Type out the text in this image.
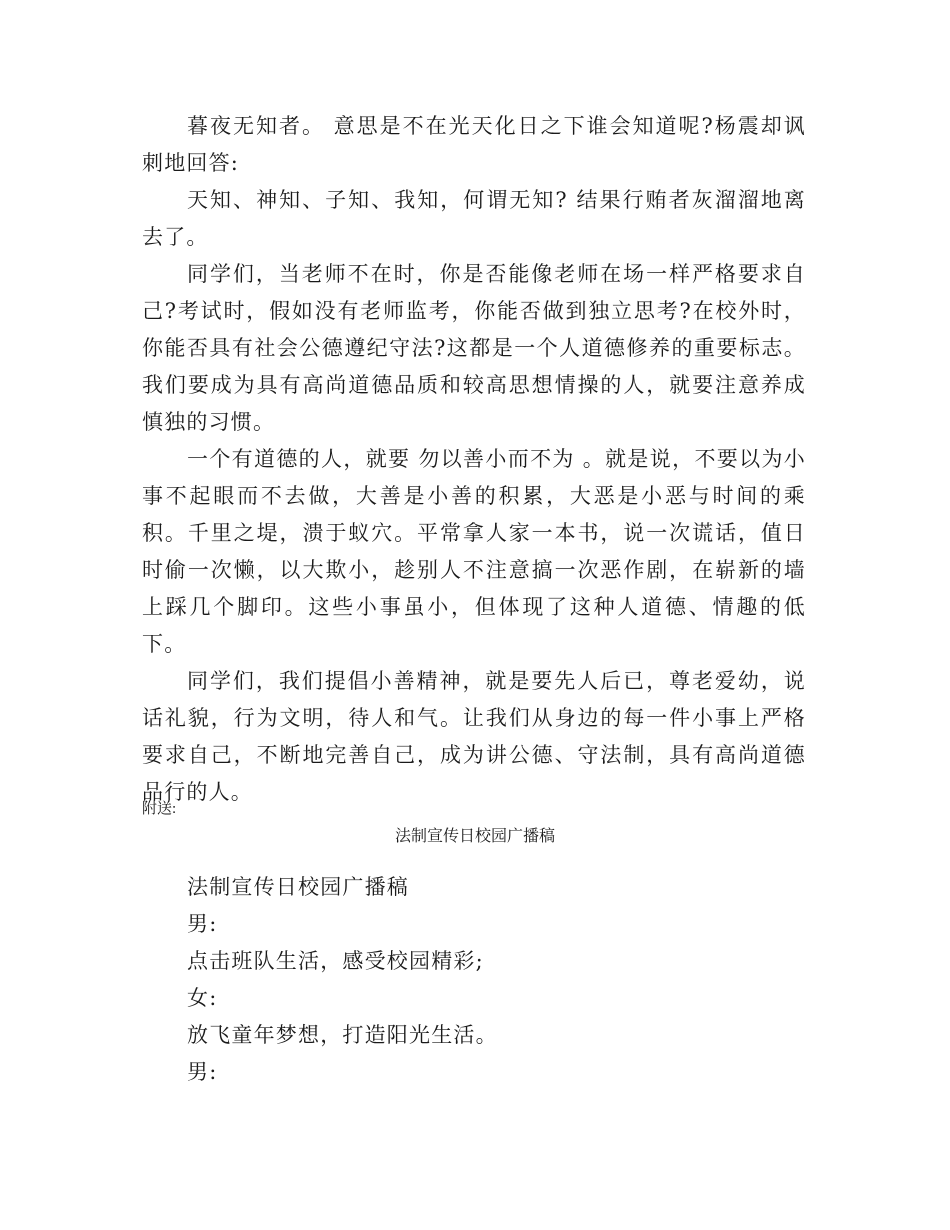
暮夜无知者。 意思是不在光天化日之下谁会知道呢?杨震却讽刺地回答:

天知、神知、子知、我知，何谓无知? 结果行贿者灰溜溜地离去了。

同学们，当老师不在时，你是否能像老师在场一样严格要求自己?考试时，假如没有老师监考，你能否做到独立思考?在校外时，你能否具有社会公德遵纪守法?这都是一个人道德修养的重要标志。我们要成为具有高尚道德品质和较高思想情操的人，就要注意养成慎独的习惯。

一个有道德的人，就要 勿以善小而不为 。就是说，不要以为小事不起眼而不去做，大善是小善的积累，大恶是小恶与时间的乘积。千里之堤，溃于蚁穴。平常拿人家一本书，说一次谎话，值日时偷一次懒，以大欺小，趁别人不注意搞一次恶作剧，在崭新的墙上踩几个脚印。这些小事虽小，但体现了这种人道德、情趣的低下。

同学们，我们提倡小善精神，就是要先人后已，尊老爱幼，说话礼貌，行为文明，待人和气。让我们从身边的每一件小事上严格要求自己，不断地完善自己，成为讲公德、守法制，具有高尚道德品行的人。

附送:

法制宣传日校园广播稿

法制宣传日校园广播稿

男:

点击班队生活，感受校园精彩;

女:

放飞童年梦想，打造阳光生活。

男:
